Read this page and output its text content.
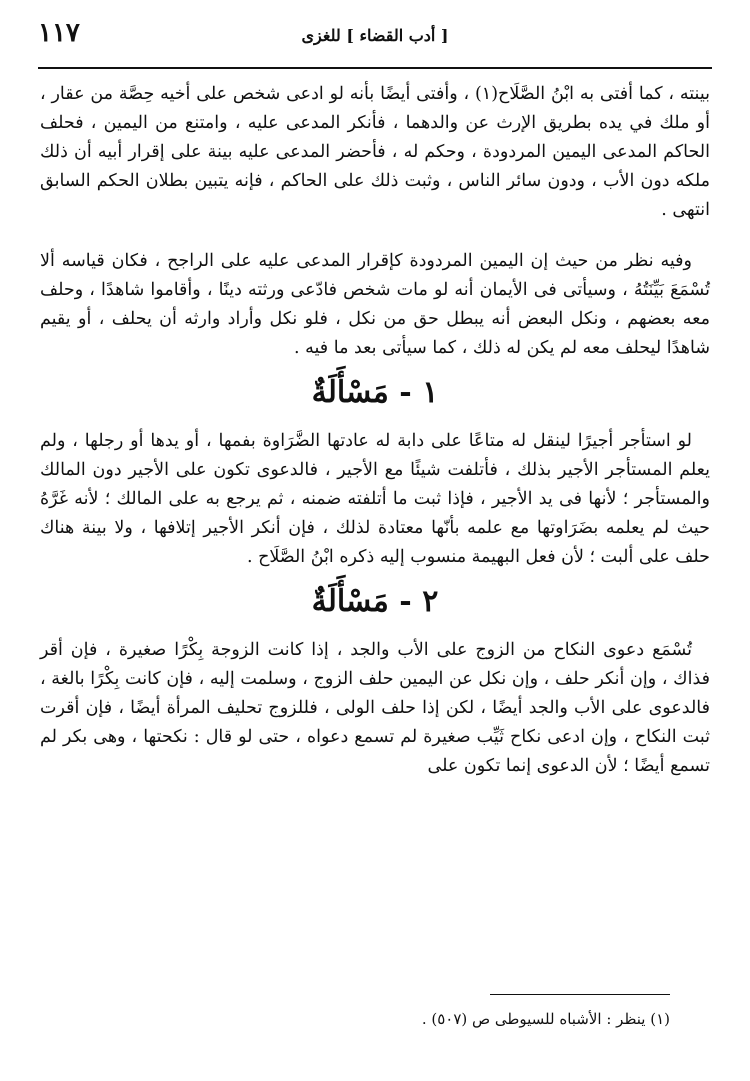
١١٧	[ أدب القضاء ] للغزى

بينته ، كما أفتى به ابْنُ الصَّلَاح(١) ، وأفتى أيضًا بأنه لو ادعى شخص على أخيه حِصَّة من عقار ، أو ملك في يده بطريق الإرث عن والدهما ، فأنكر المدعى عليه ، وامتنع من اليمين ، فحلف الحاكم المدعى اليمين المردودة ، وحكم له ، فأحضر المدعى عليه بينة على إقرار أبيه أن ذلك ملكه دون الأب ، ودون سائر الناس ، وثبت ذلك على الحاكم ، فإنه يتبين بطلان الحكم السابق انتهى .

وفيه نظر من حيث إن اليمين المردودة كإقرار المدعى عليه على الراجح ، فكان قياسه ألا تُسْمَعَ بَيِّنَتُهُ ، وسيأتى فى الأيمان أنه لو مات شخص فادّعى ورثته دينًا ، وأقاموا شاهدًا ، وحلف معه بعضهم ، ونكل البعض أنه يبطل حق من نكل ، فلو نكل وأراد وارثه أن يحلف ، أو يقيم شاهدًا ليحلف معه لم يكن له ذلك ، كما سيأتى بعد ما فيه .

١ - مَسْأَلَةٌ

لو استأجر أجيرًا لينقل له متاعًا على دابة له عادتها الضَّرَاوة بفمها ، أو يدها أو رجلها ، ولم يعلم المستأجر الأجير بذلك ، فأتلفت شيئًا مع الأجير ، فالدعوى تكون على الأجير دون المالك والمستأجر ؛ لأنها فى يد الأجير ، فإذا ثبت ما أتلفته ضمنه ، ثم يرجع به على المالك ؛ لأنه غَرَّهُ حيث لم يعلمه بضَرَاوتها مع علمه بأنّها معتادة لذلك ، فإن أنكر الأجير إتلافها ، ولا بينة هناك حلف على ألبت ؛ لأن فعل البهيمة منسوب إليه ذكره ابْنُ الصَّلَاح .

٢ - مَسْأَلَةٌ

تُسْمَع دعوى النكاح من الزوج على الأب والجد ، إذا كانت الزوجة بِكْرًا صغيرة ، فإن أقر فذاك ، وإن أنكر حلف ، وإن نكل عن اليمين حلف الزوج ، وسلمت إليه ، فإن كانت بِكْرًا بالغة ، فالدعوى على الأب والجد أيضًا ، لكن إذا حلف الولى ، فللزوج تحليف المرأة أيضًا ، فإن أقرت ثبت النكاح ، وإن ادعى نكاح ثَيِّب صغيرة لم تسمع دعواه ، حتى لو قال : نكحتها ، وهى بكر لم تسمع أيضًا ؛ لأن الدعوى إنما تكون على

(١) ينظر : الأشباه للسيوطى ص (٥٠٧) .
